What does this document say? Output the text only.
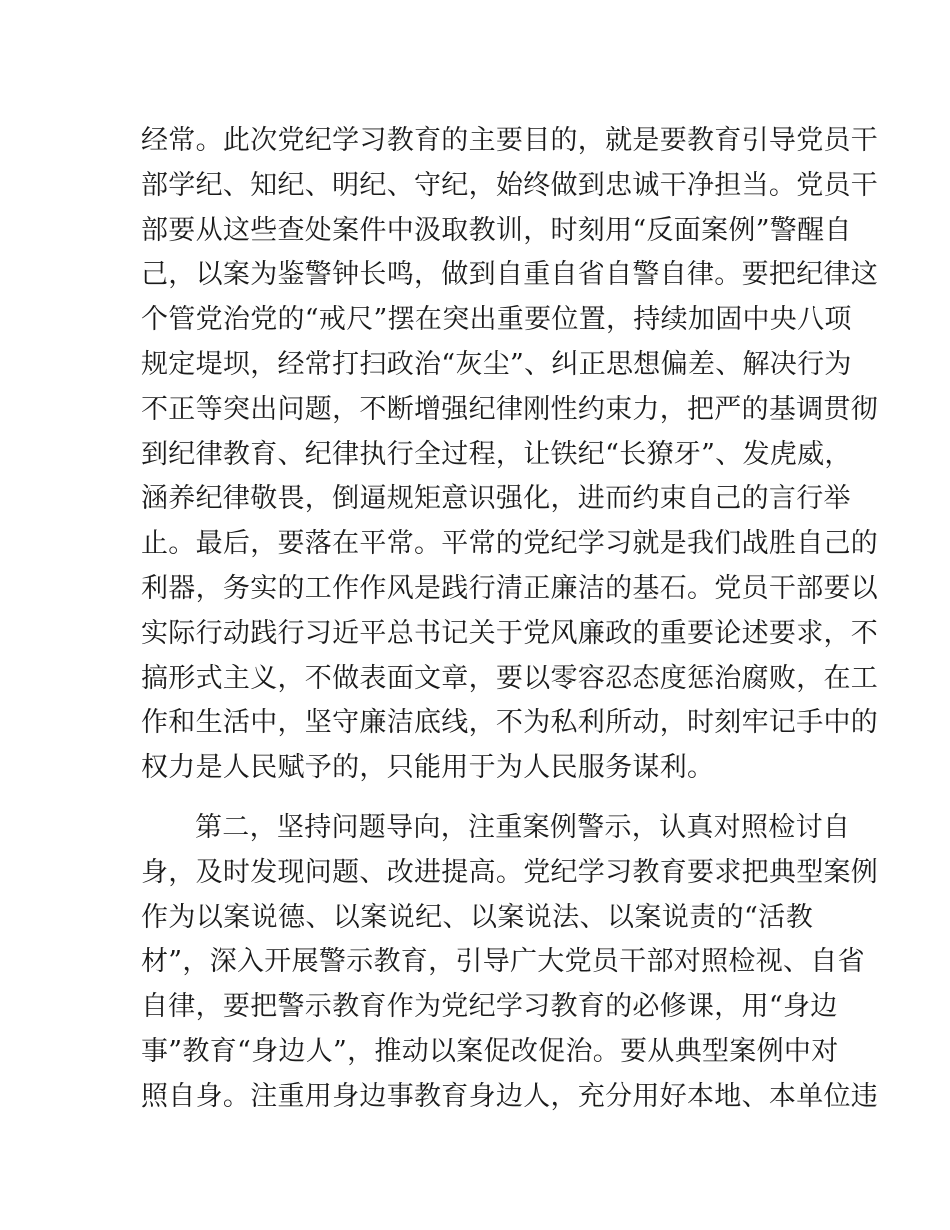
经常。此次党纪学习教育的主要目的，就是要教育引导党员干
部学纪、知纪、明纪、守纪，始终做到忠诚干净担当。党员干
部要从这些查处案件中汲取教训，时刻用“反面案例”警醒自
己，以案为鉴警钟长鸣，做到自重自省自警自律。要把纪律这
个管党治党的“戒尺”摆在突出重要位置，持续加固中央八项
规定堤坝，经常打扫政治“灰尘”、纠正思想偏差、解决行为
不正等突出问题，不断增强纪律刚性约束力，把严的基调贯彻
到纪律教育、纪律执行全过程，让铁纪“长獠牙”、发虎威，
涵养纪律敬畏，倒逼规矩意识强化，进而约束自己的言行举
止。最后，要落在平常。平常的党纪学习就是我们战胜自己的
利器，务实的工作作风是践行清正廉洁的基石。党员干部要以
实际行动践行习近平总书记关于党风廉政的重要论述要求，不
搞形式主义，不做表面文章，要以零容忍态度惩治腐败，在工
作和生活中，坚守廉洁底线，不为私利所动，时刻牢记手中的
权力是人民赋予的，只能用于为人民服务谋利。
第二，坚持问题导向，注重案例警示，认真对照检讨自
身，及时发现问题、改进提高。党纪学习教育要求把典型案例
作为以案说德、以案说纪、以案说法、以案说责的“活教
材”，深入开展警示教育，引导广大党员干部对照检视、自省
自律，要把警示教育作为党纪学习教育的必修课，用“身边
事”教育“身边人”，推动以案促改促治。要从典型案例中对
照自身。注重用身边事教育身边人，充分用好本地、本单位违
